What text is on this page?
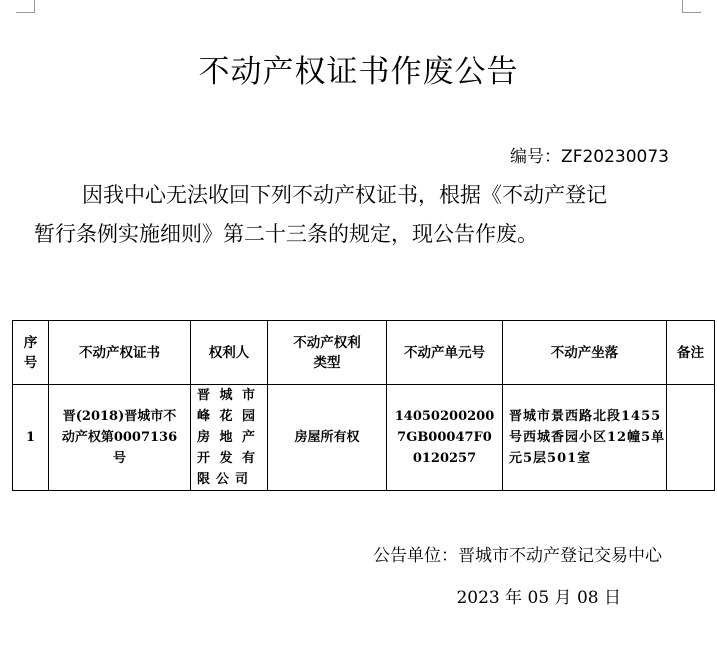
不动产权证书作废公告
编号：ZF20230073
因我中心无法收回下列不动产权证书，根据《不动产登记
暂行条例实施细则》第二十三条的规定，现公告作废。
序号	不动产权证书	权利人	不动产权利类型	不动产单元号	不动产坐落	备注
1	晋(2018)晋城市不动产权第0007136号	晋城市峰花园房地产开发有限公司	房屋所有权	140502002007GB00047F00120257	晋城市景西路北段1455号西城香园小区12幢5单元5层501室	
公告单位：晋城市不动产登记交易中心
2023 年 05 月 08 日
